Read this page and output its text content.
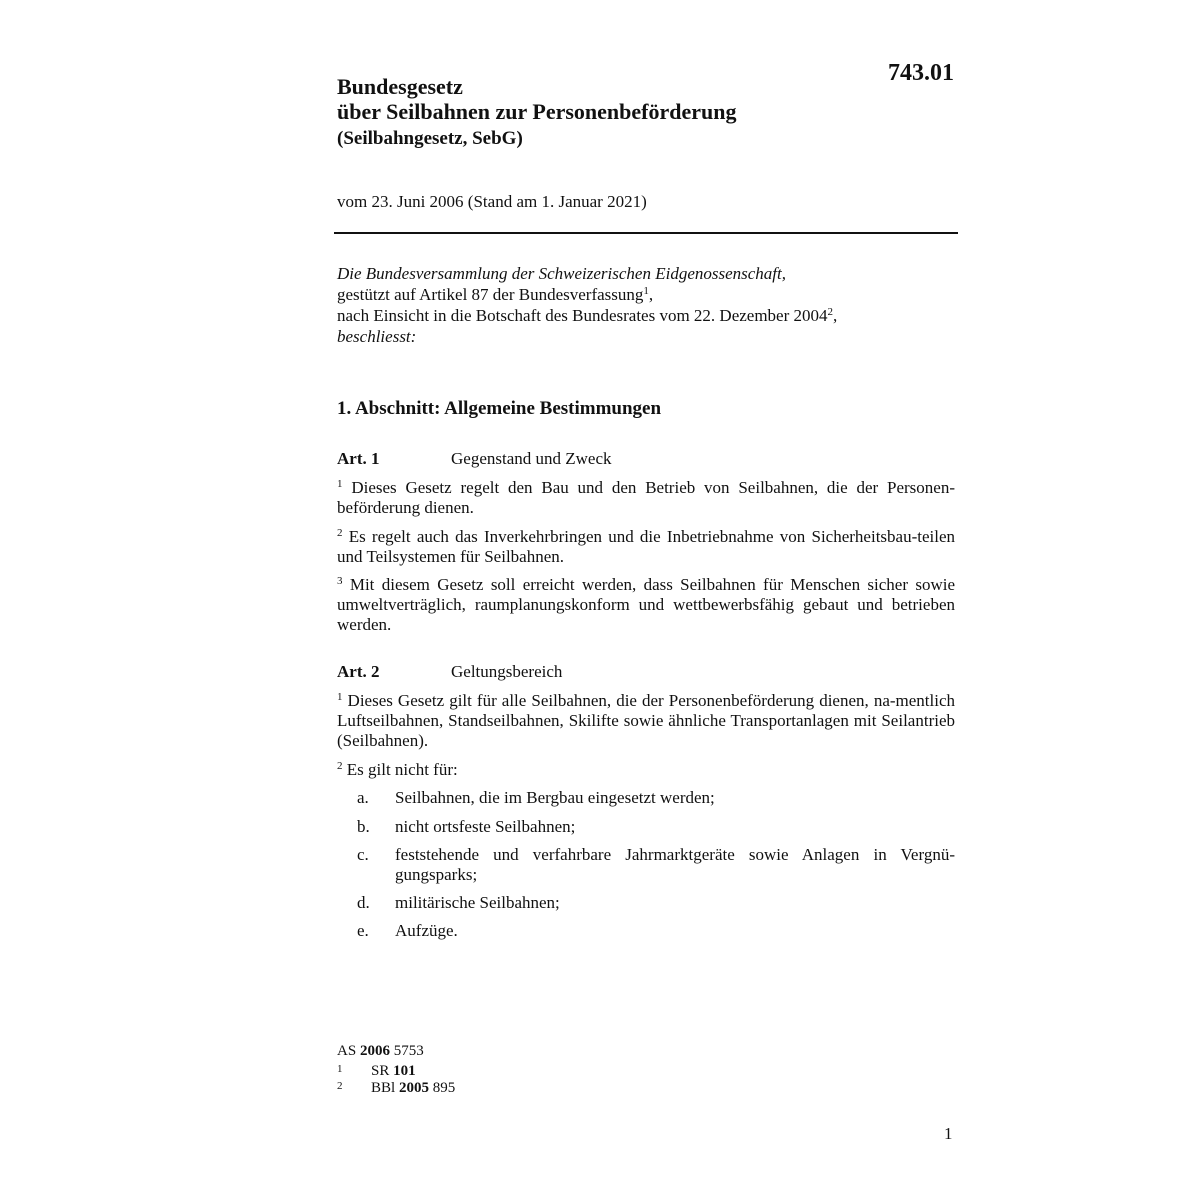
743.01
Bundesgesetz
über Seilbahnen zur Personenbeförderung
(Seilbahngesetz, SebG)
vom 23. Juni 2006 (Stand am 1. Januar 2021)
Die Bundesversammlung der Schweizerischen Eidgenossenschaft,
gestützt auf Artikel 87 der Bundesverfassung$^1$,
nach Einsicht in die Botschaft des Bundesrates vom 22. Dezember 2004$^2$,
beschliesst:
1. Abschnitt: Allgemeine Bestimmungen
Art. 1	Gegenstand und Zweck
$^1$ Dieses Gesetz regelt den Bau und den Betrieb von Seilbahnen, die der Personen-beförderung dienen.
$^2$ Es regelt auch das Inverkehrbringen und die Inbetriebnahme von Sicherheitsbau-teilen und Teilsystemen für Seilbahnen.
$^3$ Mit diesem Gesetz soll erreicht werden, dass Seilbahnen für Menschen sicher sowie umweltverträglich, raumplanungskonform und wettbewerbsfähig gebaut und betrieben werden.
Art. 2	Geltungsbereich
$^1$ Dieses Gesetz gilt für alle Seilbahnen, die der Personenbeförderung dienen, na-mentlich Luftseilbahnen, Standseilbahnen, Skilifte sowie ähnliche Transportanlagen mit Seilantrieb (Seilbahnen).
$^2$ Es gilt nicht für:
a. Seilbahnen, die im Bergbau eingesetzt werden;
b. nicht ortsfeste Seilbahnen;
c. feststehende und verfahrbare Jahrmarktgeräte sowie Anlagen in Vergnü-gungsparks;
d. militärische Seilbahnen;
e. Aufzüge.
AS 2006 5753
1 SR 101
2 BBl 2005 895
1
